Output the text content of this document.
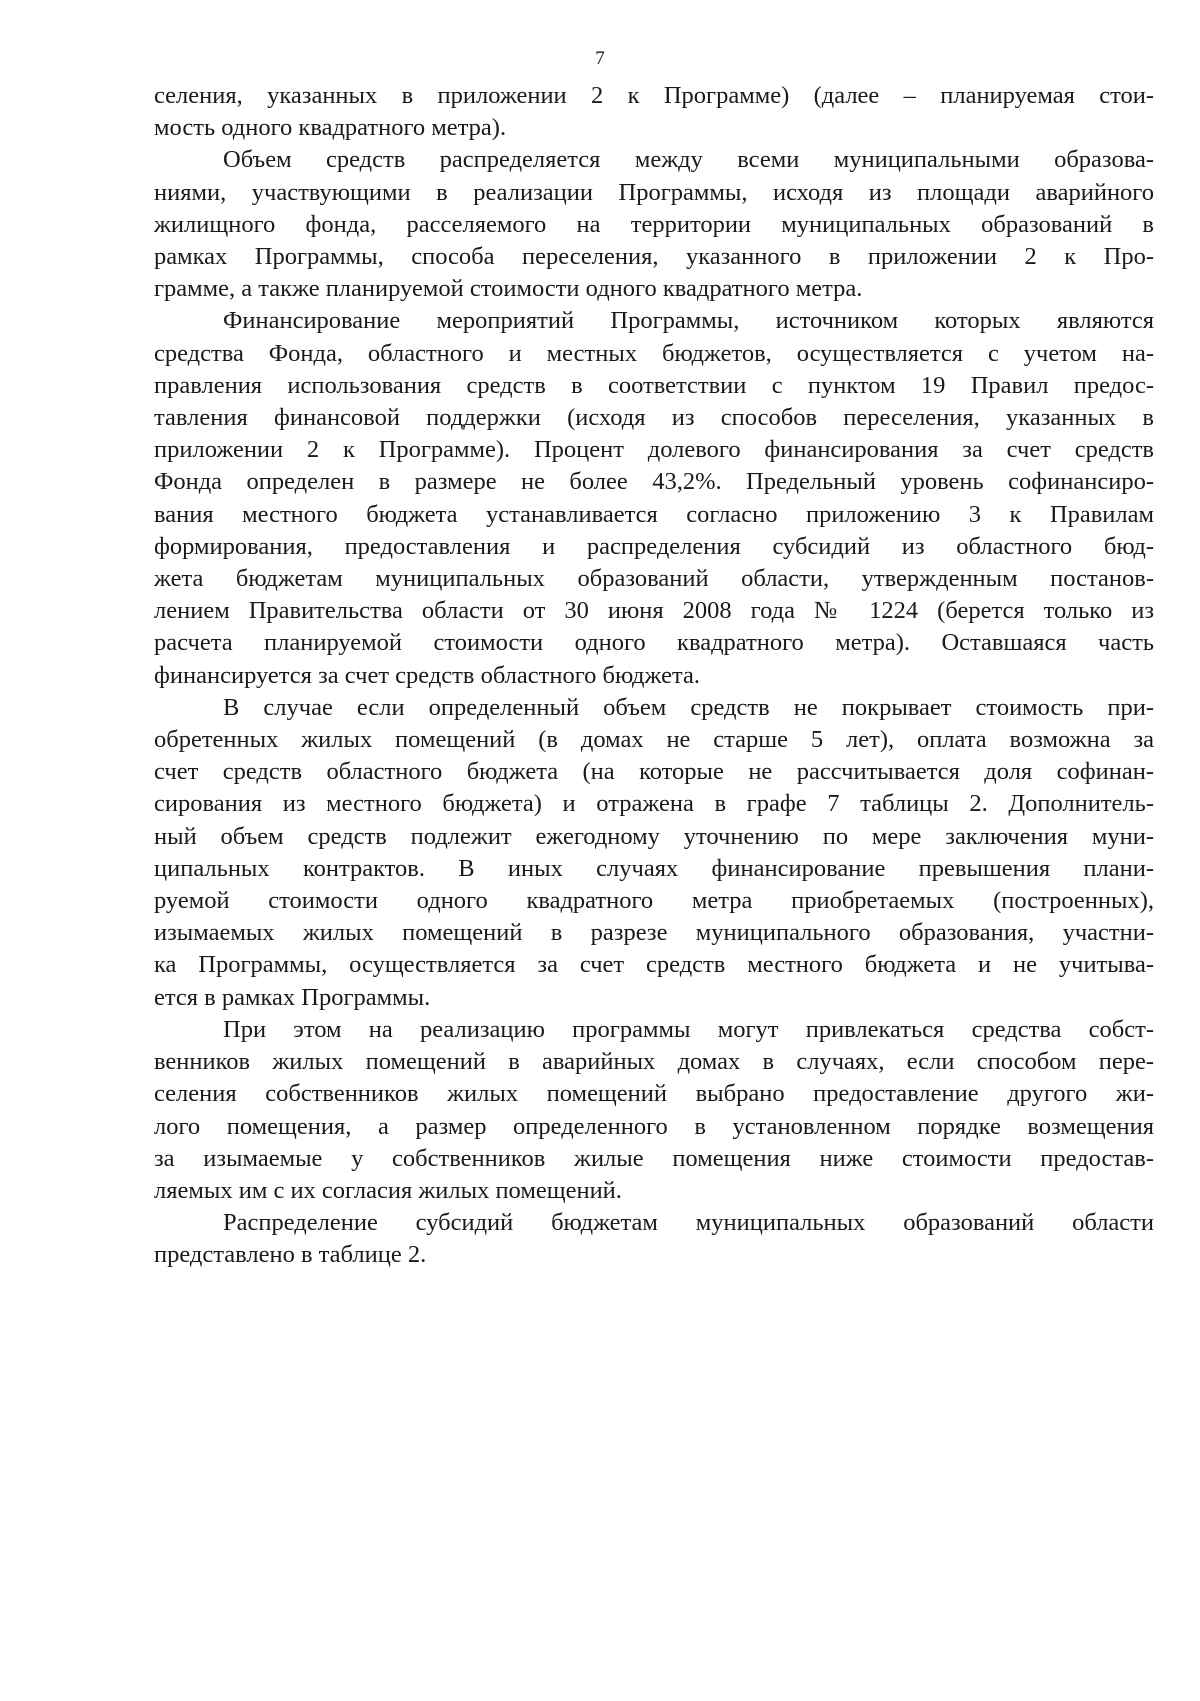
7

селения, указанных в приложении 2 к Программе) (далее – планируемая стои-
мость одного квадратного метра).

Объем средств распределяется между всеми муниципальными образова-
ниями, участвующими в реализации Программы, исходя из площади аварийного
жилищного фонда, расселяемого на территории муниципальных образований в
рамках Программы, способа переселения, указанного в приложении 2 к Про-
грамме, а также планируемой стоимости одного квадратного метра.

Финансирование мероприятий Программы, источником которых являются
средства Фонда, областного и местных бюджетов, осуществляется с учетом на-
правления использования средств в соответствии с пунктом 19 Правил предос-
тавления финансовой поддержки (исходя из способов переселения, указанных в
приложении 2 к Программе). Процент долевого финансирования за счет средств
Фонда определен в размере не более 43,2%. Предельный уровень софинансиро-
вания местного бюджета устанавливается согласно приложению 3 к Правилам
формирования, предоставления и распределения субсидий из областного бюд-
жета бюджетам муниципальных образований области, утвержденным постанов-
лением Правительства области от 30 июня 2008 года № 1224 (берется только из
расчета планируемой стоимости одного квадратного метра). Оставшаяся часть
финансируется за счет средств областного бюджета.

В случае если определенный объем средств не покрывает стоимость при-
обретенных жилых помещений (в домах не старше 5 лет), оплата возможна за
счет средств областного бюджета (на которые не рассчитывается доля софинан-
сирования из местного бюджета) и отражена в графе 7 таблицы 2. Дополнитель-
ный объем средств подлежит ежегодному уточнению по мере заключения муни-
ципальных контрактов. В иных случаях финансирование превышения плани-
руемой стоимости одного квадратного метра приобретаемых (построенных),
изымаемых жилых помещений в разрезе муниципального образования, участни-
ка Программы, осуществляется за счет средств местного бюджета и не учитыва-
ется в рамках Программы.

При этом на реализацию программы могут привлекаться средства собст-
венников жилых помещений в аварийных домах в случаях, если способом пере-
селения собственников жилых помещений выбрано предоставление другого жи-
лого помещения, а размер определенного в установленном порядке возмещения
за изымаемые у собственников жилые помещения ниже стоимости предостав-
ляемых им с их согласия жилых помещений.

Распределение субсидий бюджетам муниципальных образований области
представлено в таблице 2.
